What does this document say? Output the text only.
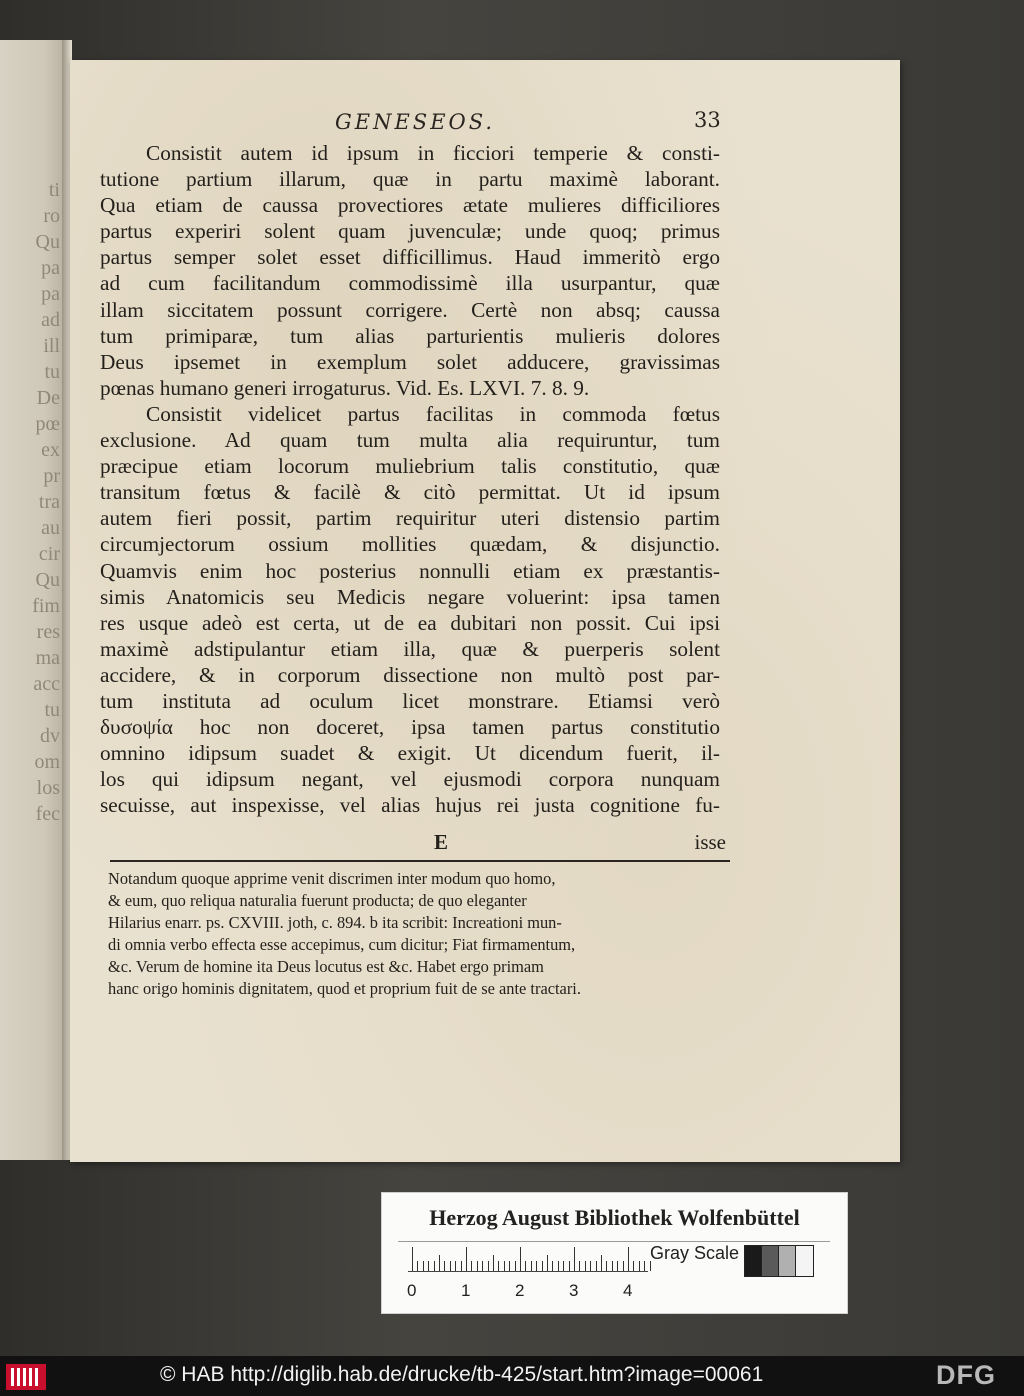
ti
ro
Qu
pa
pa
ad
ill
tu
De
pœ
ex
pr
tra
au
cir
Qu
fim
res
ma
acc
tu
dv
om
los
fec
GENESEOS.	33
Consistit autem id ipsum in ficciori temperie & consti-
tutione partium illarum, quæ in partu maximè laborant.
Qua etiam de caussa provectiores ætate mulieres difficiliores
partus experiri solent quam juvenculæ; unde quoq; primus
partus semper solet esset difficillimus. Haud immeritò ergo
ad cum facilitandum commodissimè illa usurpantur, quæ
illam siccitatem possunt corrigere. Certè non absq; caussa
tum primiparæ, tum alias parturientis mulieris dolores
Deus ipsemet in exemplum solet adducere, gravissimas
pœnas humano generi irrogaturus. Vid. Es. LXVI. 7. 8. 9.
Consistit videlicet partus facilitas in commoda fœtus
exclusione. Ad quam tum multa alia requiruntur, tum
præcipue etiam locorum muliebrium talis constitutio, quæ
transitum fœtus & facilè & citò permittat. Ut id ipsum
autem fieri possit, partim requiritur uteri distensio partim
circumjectorum ossium mollities quædam, & disjunctio.
Quamvis enim hoc posterius nonnulli etiam ex præstantis-
simis Anatomicis seu Medicis negare voluerint: ipsa tamen
res usque adeò est certa, ut de ea dubitari non possit. Cui ipsi
maximè adstipulantur etiam illa, quæ & puerperis solent
accidere, & in corporum dissectione non multò post par-
tum instituta ad oculum licet monstrare. Etiamsi verò
δυσοψία hoc non doceret, ipsa tamen partus constitutio
omnino idipsum suadet & exigit. Ut dicendum fuerit, il-
los qui idipsum negant, vel ejusmodi corpora nunquam
secuisse, aut inspexisse, vel alias hujus rei justa cognitione fu-
E	isse
Notandum quoque apprime venit discrimen inter modum quo homo,
& eum, quo reliqua naturalia fuerunt producta; de quo eleganter
Hilarius enarr. ps. CXVIII. joth, c. 894. b ita scribit: Increationi mun-
di omnia verbo effecta esse accepimus, cum dicitur; Fiat firmamentum,
&c. Verum de homine ita Deus locutus est &c. Habet ergo primam
hanc origo hominis dignitatem, quod et proprium fuit de se ante tractari.
Herzog August Bibliothek Wolfenbüttel
0	1	2	3	4
Gray Scale
© HAB http://diglib.hab.de/drucke/tb-425/start.htm?image=00061	DFG
